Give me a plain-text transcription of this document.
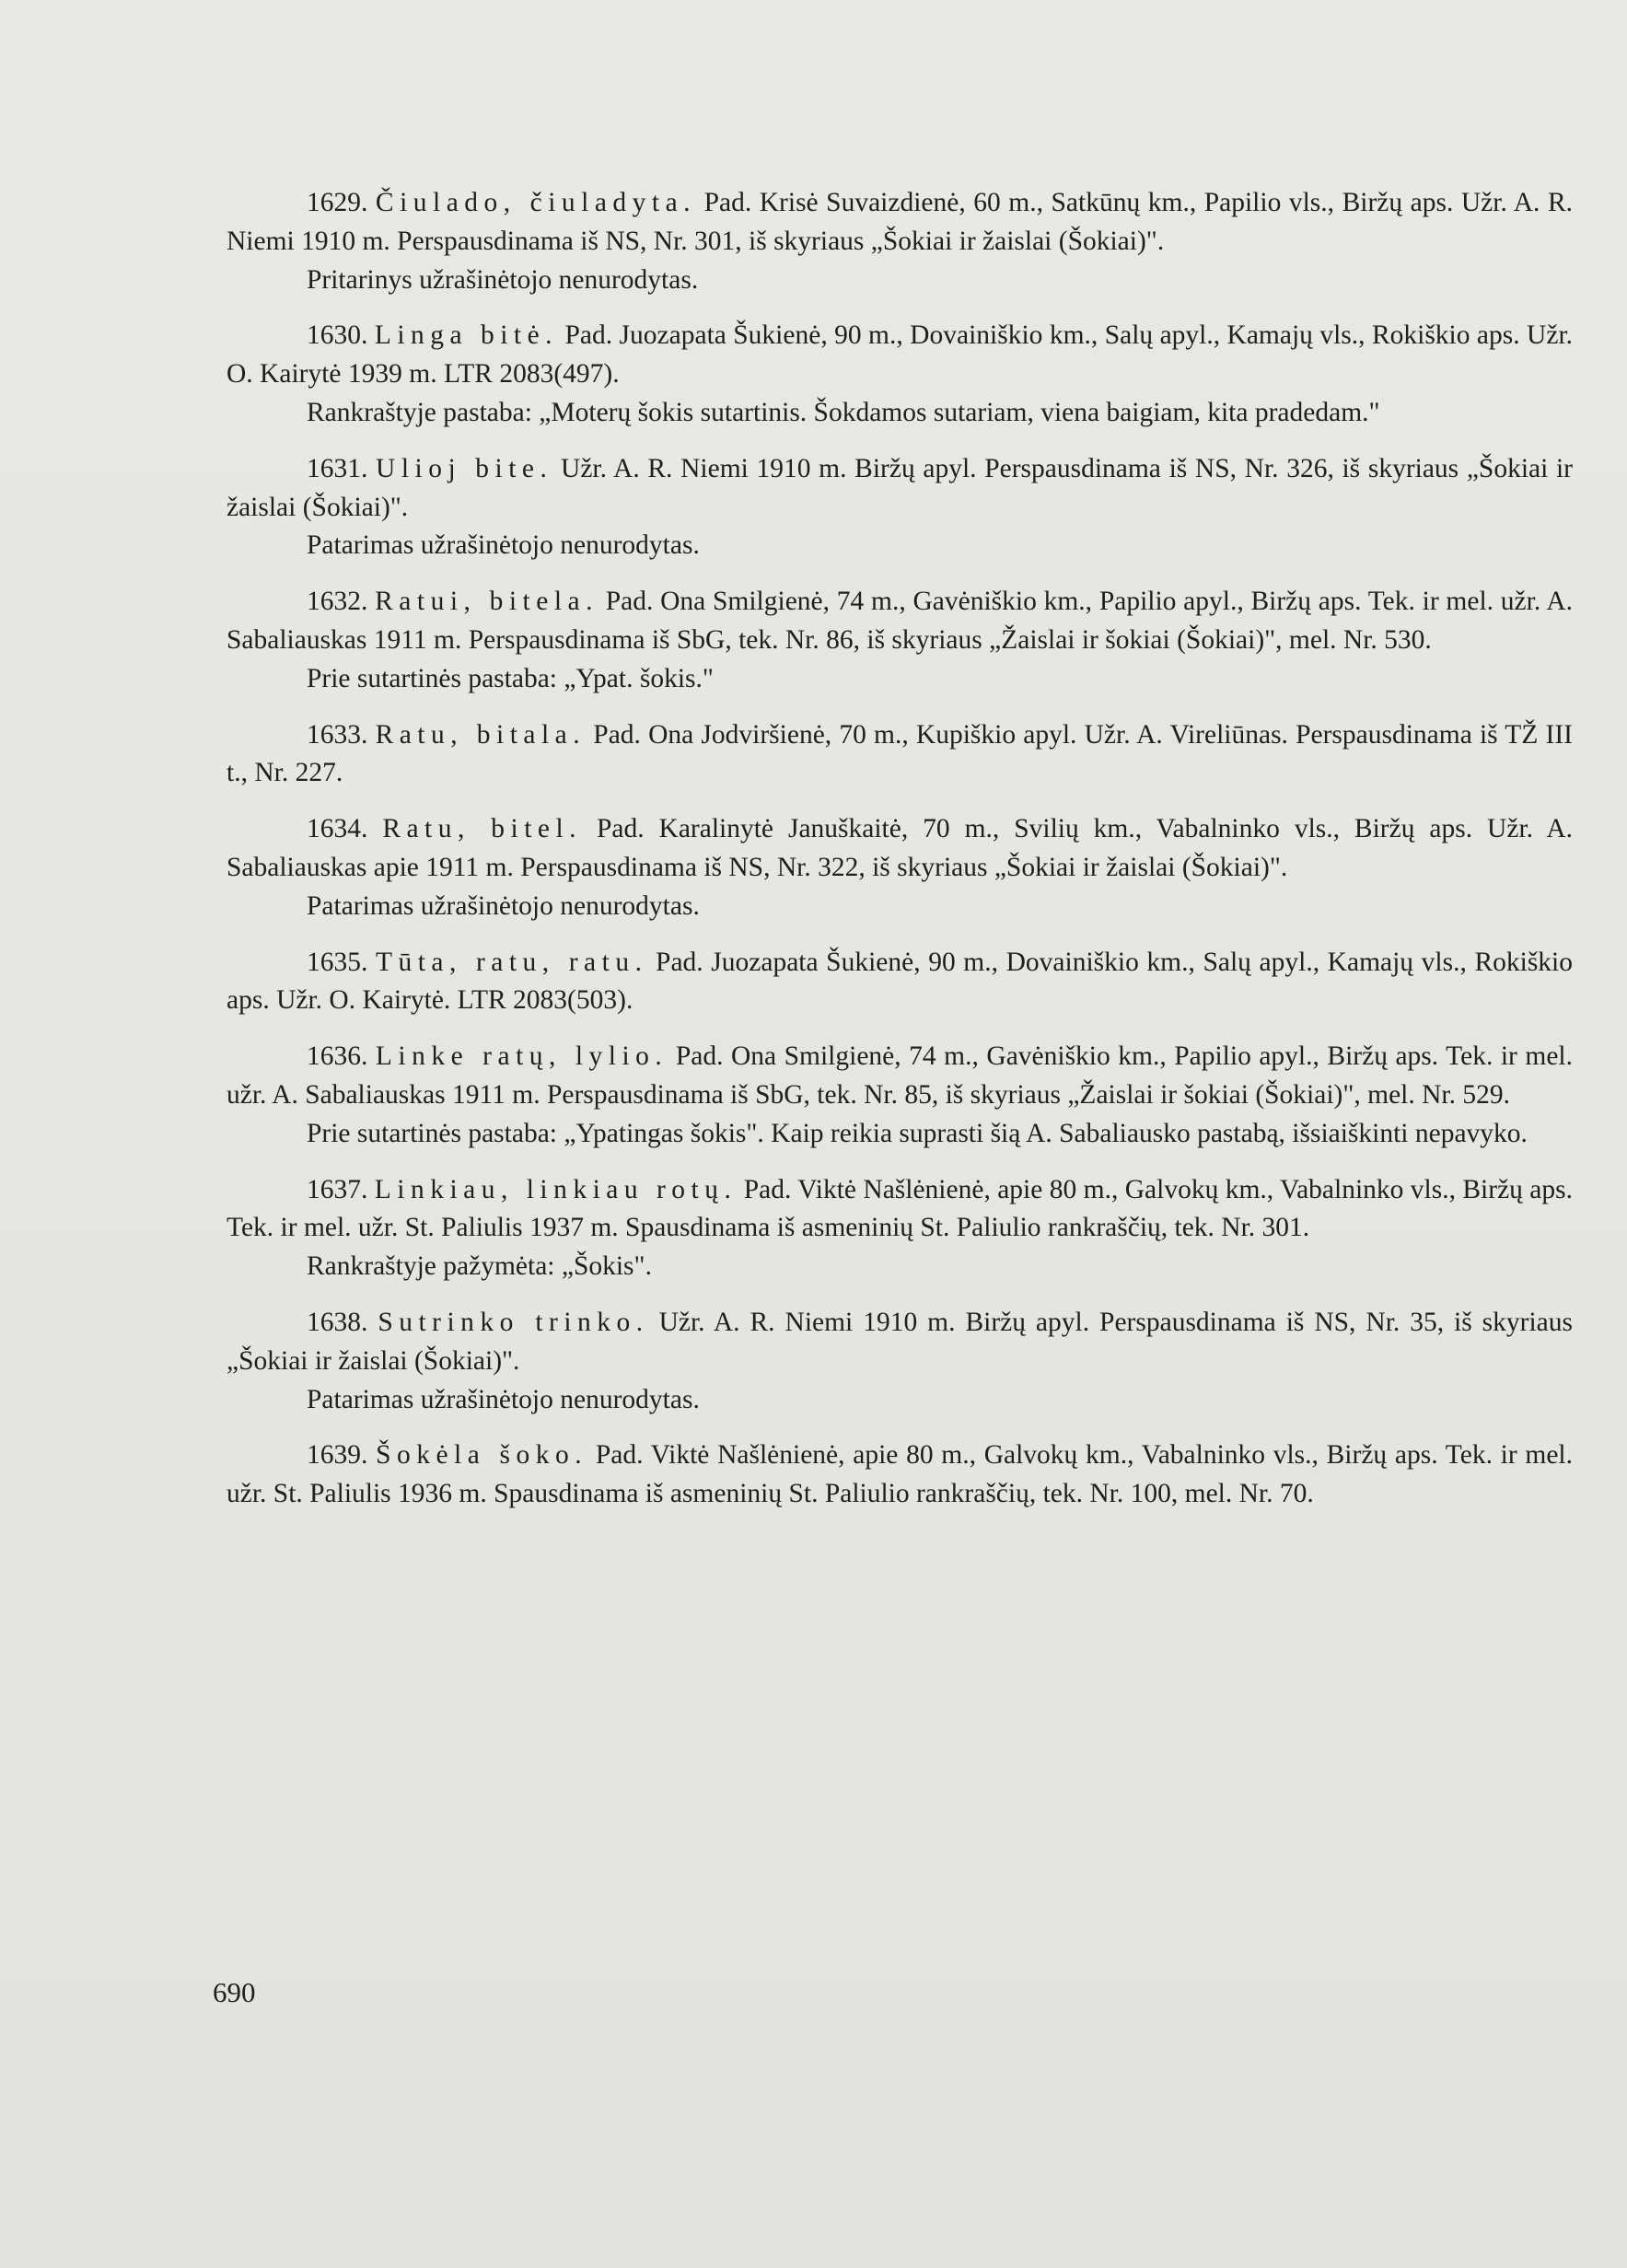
1629. Čiulado, čiuladyta. Pad. Krisė Suvaizdienė, 60 m., Satkūnų km., Papilio vls., Biržų aps. Užr. A. R. Niemi 1910 m. Perspausdinama iš NS, Nr. 301, iš skyriaus „Šokiai ir žaislai (Šokiai)".

Pritarinys užrašinėtojo nenurodytas.

1630. Linga bitė. Pad. Juozapata Šukienė, 90 m., Dovainiškio km., Salų apyl., Kamajų vls., Rokiškio aps. Užr. O. Kairytė 1939 m. LTR 2083(497).

Rankraštyje pastaba: „Moterų šokis sutartinis. Šokdamos sutariam, viena baigiam, kita pradedam."

1631. Ulioj bite. Užr. A. R. Niemi 1910 m. Biržų apyl. Perspausdinama iš NS, Nr. 326, iš skyriaus „Šokiai ir žaislai (Šokiai)".

Patarimas užrašinėtojo nenurodytas.

1632. Ratui, bitela. Pad. Ona Smilgienė, 74 m., Gavėniškio km., Papilio apyl., Biržų aps. Tek. ir mel. užr. A. Sabaliauskas 1911 m. Perspausdinama iš SbG, tek. Nr. 86, iš skyriaus „Žaislai ir šokiai (Šokiai)", mel. Nr. 530.

Prie sutartinės pastaba: „Ypat. šokis."

1633. Ratu, bitala. Pad. Ona Jodviršienė, 70 m., Kupiškio apyl. Užr. A. Vireliūnas. Perspausdinama iš TŽ III t., Nr. 227.

1634. Ratu, bitel. Pad. Karalinytė Januškaitė, 70 m., Svilių km., Vabalninko vls., Biržų aps. Užr. A. Sabaliauskas apie 1911 m. Perspausdinama iš NS, Nr. 322, iš skyriaus „Šokiai ir žaislai (Šokiai)".

Patarimas užrašinėtojo nenurodytas.

1635. Tūta, ratu, ratu. Pad. Juozapata Šukienė, 90 m., Dovainiškio km., Salų apyl., Kamajų vls., Rokiškio aps. Užr. O. Kairytė. LTR 2083(503).

1636. Linke ratų, lylio. Pad. Ona Smilgienė, 74 m., Gavėniškio km., Papilio apyl., Biržų aps. Tek. ir mel. užr. A. Sabaliauskas 1911 m. Perspausdinama iš SbG, tek. Nr. 85, iš skyriaus „Žaislai ir šokiai (Šokiai)", mel. Nr. 529.

Prie sutartinės pastaba: „Ypatingas šokis". Kaip reikia suprasti šią A. Sabaliausko pastabą, išsiaiškinti nepavyko.

1637. Linkiau, linkiau rotų. Pad. Viktė Našlėnienė, apie 80 m., Galvokų km., Vabalninko vls., Biržų aps. Tek. ir mel. užr. St. Paliulis 1937 m. Spausdinama iš asmeninių St. Paliulio rankraščių, tek. Nr. 301.

Rankraštyje pažymėta: „Šokis".

1638. Sutrinko trinko. Užr. A. R. Niemi 1910 m. Biržų apyl. Perspausdinama iš NS, Nr. 35, iš skyriaus „Šokiai ir žaislai (Šokiai)".

Patarimas užrašinėtojo nenurodytas.

1639. Šokėla šoko. Pad. Viktė Našlėnienė, apie 80 m., Galvokų km., Vabalninko vls., Biržų aps. Tek. ir mel. užr. St. Paliulis 1936 m. Spausdinama iš asmeninių St. Paliulio rankraščių, tek. Nr. 100, mel. Nr. 70.

690
